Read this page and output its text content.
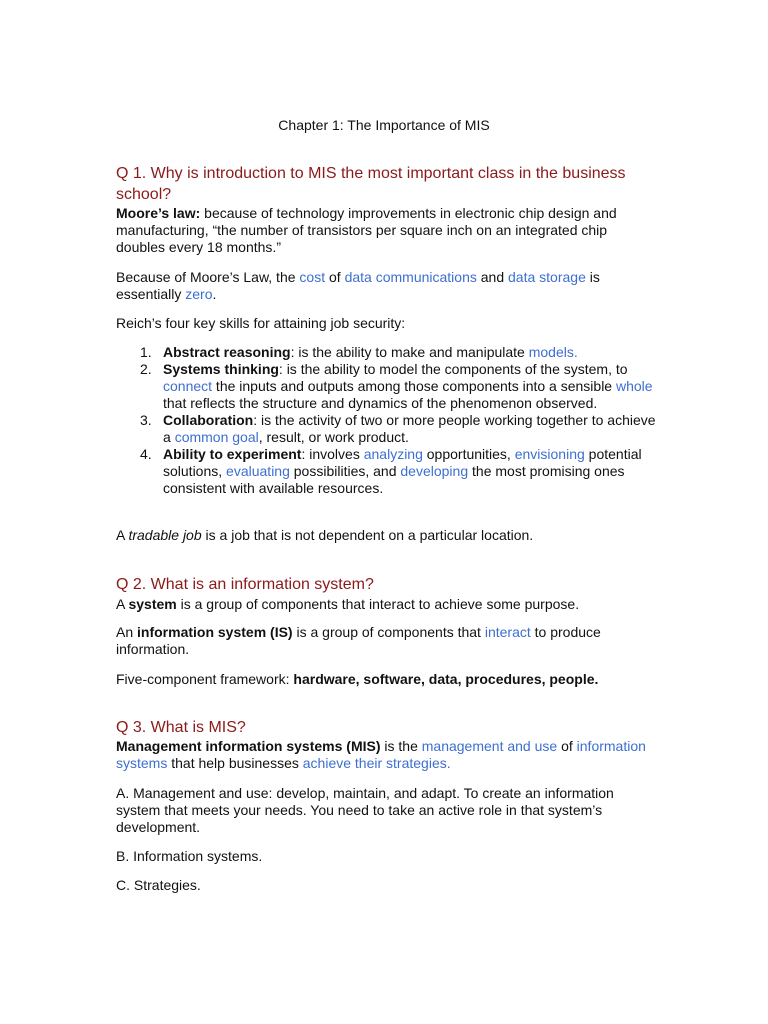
Chapter 1: The Importance of MIS
Q 1. Why is introduction to MIS the most important class in the business school?

Moore’s law: because of technology improvements in electronic chip design and manufacturing, “the number of transistors per square inch on an integrated chip doubles every 18 months.”

Because of Moore’s Law, the cost of data communications and data storage is essentially zero.

Reich’s four key skills for attaining job security:

1. Abstract reasoning: is the ability to make and manipulate models.
2. Systems thinking: is the ability to model the components of the system, to connect the inputs and outputs among those components into a sensible whole that reflects the structure and dynamics of the phenomenon observed.
3. Collaboration: is the activity of two or more people working together to achieve a common goal, result, or work product.
4. Ability to experiment: involves analyzing opportunities, envisioning potential solutions, evaluating possibilities, and developing the most promising ones consistent with available resources.

A tradable job is a job that is not dependent on a particular location.

Q 2. What is an information system?

A system is a group of components that interact to achieve some purpose.

An information system (IS) is a group of components that interact to produce information.

Five-component framework: hardware, software, data, procedures, people.

Q 3. What is MIS?

Management information systems (MIS) is the management and use of information systems that help businesses achieve their strategies.

A. Management and use: develop, maintain, and adapt. To create an information system that meets your needs. You need to take an active role in that system’s development.

B. Information systems.

C. Strategies.
